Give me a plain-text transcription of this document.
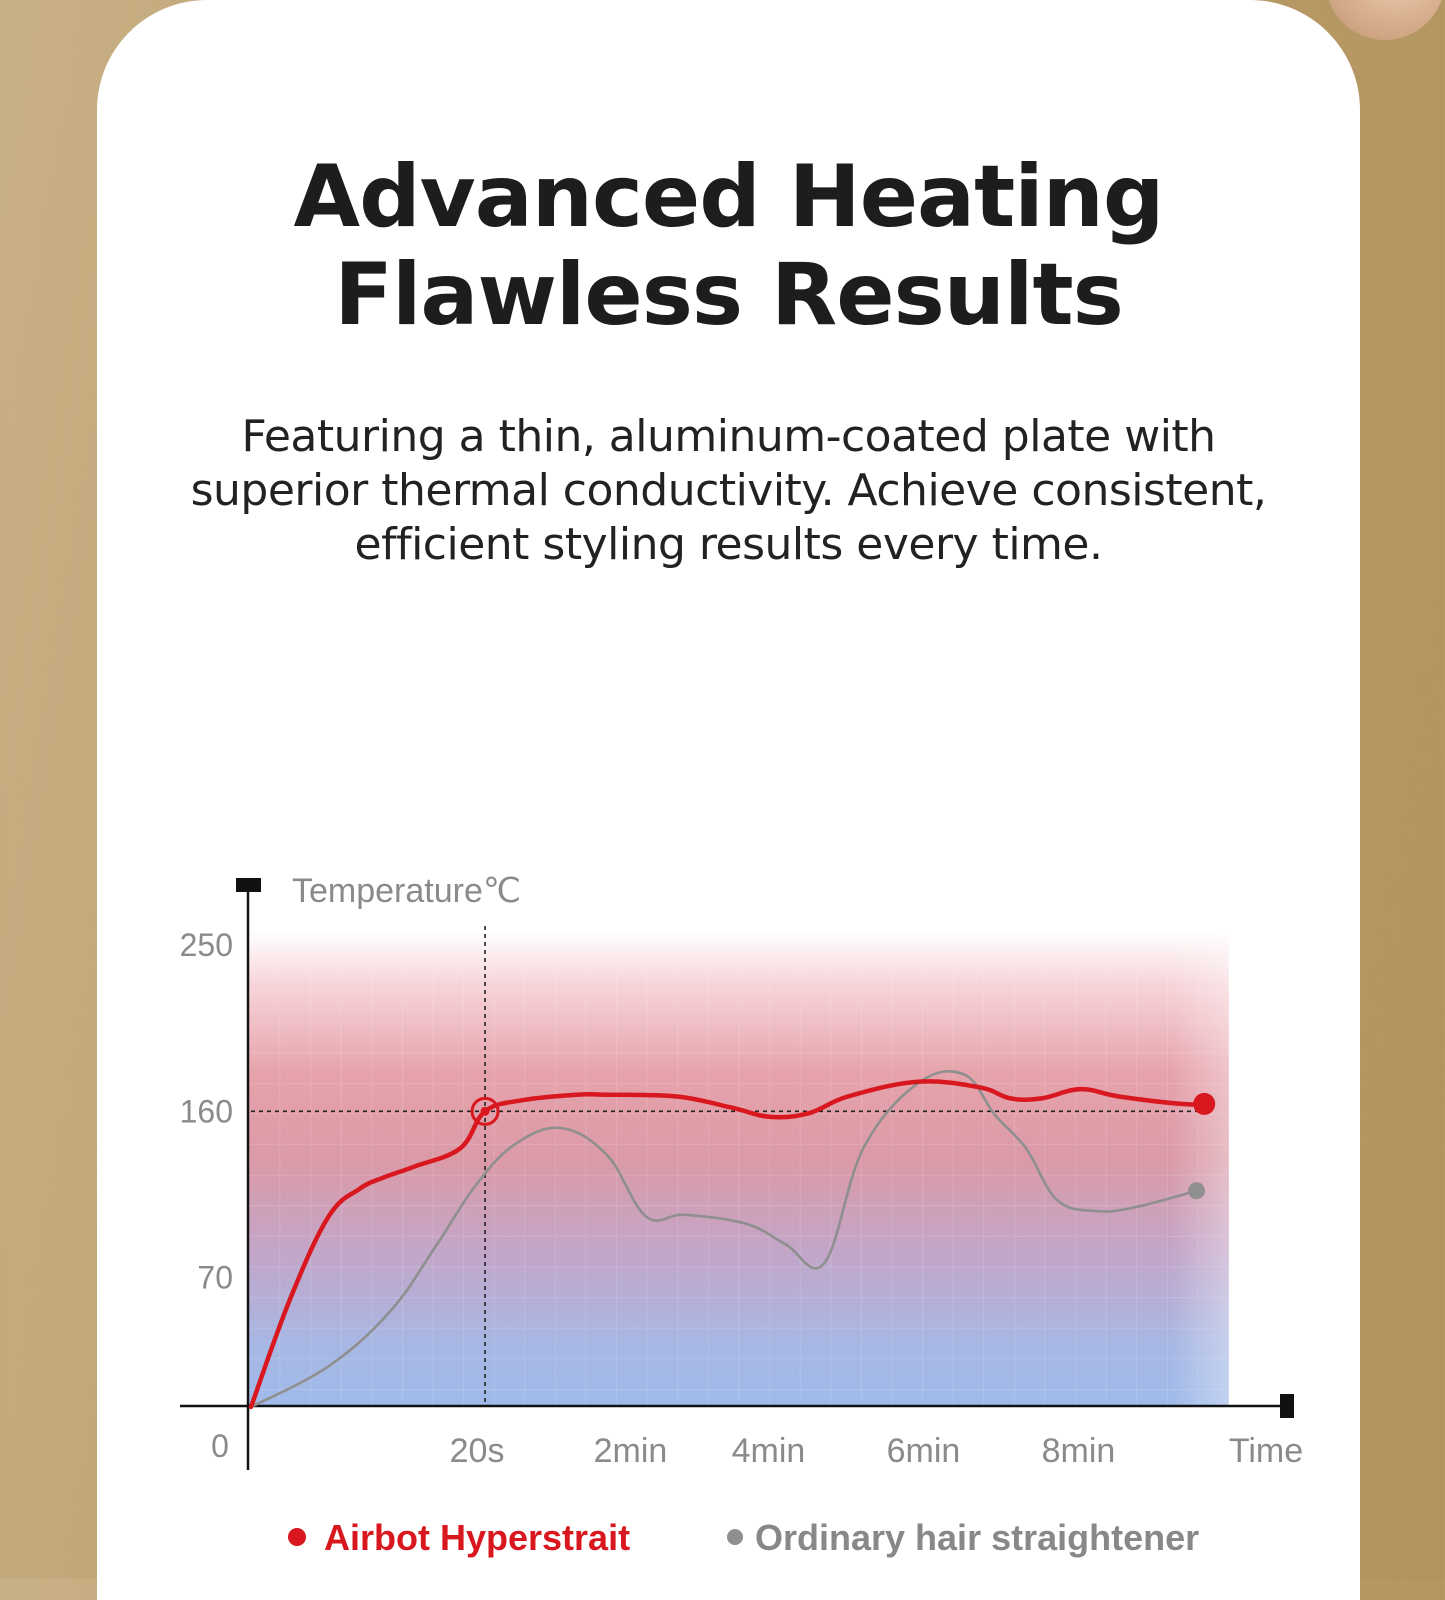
Advanced Heating
Flawless Results

Featuring a thin, aluminum-coated plate with
superior thermal conductivity. Achieve consistent,
efficient styling results every time.

Temperature℃
250
160
70
0	20s	2min 4min 6min 8min	Time
Airbot Hyperstrait	Ordinary hair straightener
